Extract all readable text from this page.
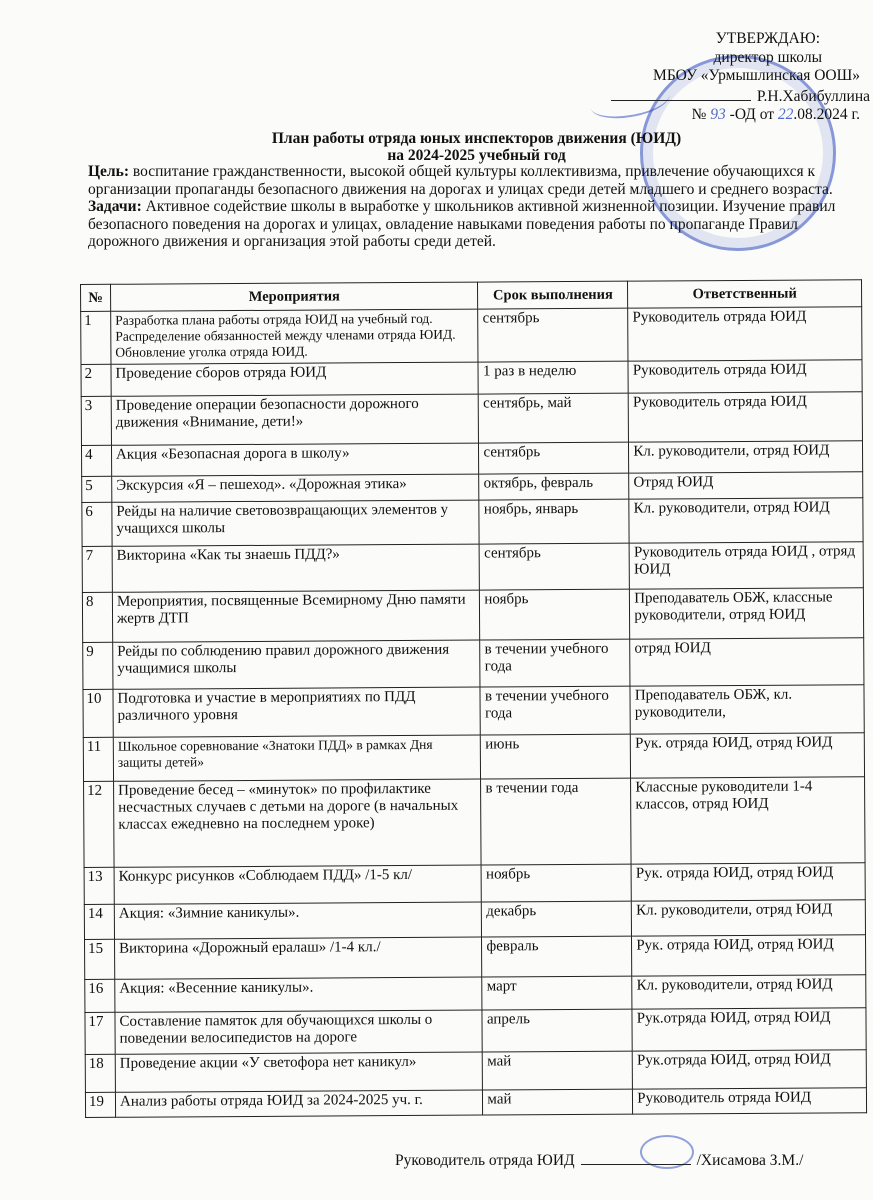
УТВЕРЖДАЮ:
директор школы
МБОУ «Урмышлинская ООШ»
Р.Н.Хабибуллина
№ 93 -ОД от 22.08.2024 г.
План работы отряда юных инспекторов движения (ЮИД)
на 2024-2025 учебный год
Цель: воспитание гражданственности, высокой общей культуры коллективизма, привлечение обучающихся к организации пропаганды безопасного движения на дорогах и улицах среди детей младшего и среднего возраста.
Задачи: Активное содействие школы в выработке у школьников активной жизненной позиции. Изучение правил безопасного поведения на дорогах и улицах, овладение навыками поведения работы по пропаганде Правил дорожного движения и организация этой работы среди детей.
№	Мероприятия	Срок выполнения	Ответственный
1	Разработка плана работы отряда ЮИД на учебный год. Распределение обязанностей между членами отряда ЮИД. Обновление уголка отряда ЮИД.	сентябрь	Руководитель отряда ЮИД
2	Проведение сборов отряда ЮИД	1 раз в неделю	Руководитель отряда ЮИД
3	Проведение операции безопасности дорожного движения «Внимание, дети!»	сентябрь, май	Руководитель отряда ЮИД
4	Акция «Безопасная дорога в школу»	сентябрь	Кл. руководители, отряд ЮИД
5	Экскурсия «Я – пешеход». «Дорожная этика»	октябрь, февраль	Отряд ЮИД
6	Рейды на наличие световозвращающих элементов у учащихся школы	ноябрь, январь	Кл. руководители, отряд ЮИД
7	Викторина «Как ты знаешь ПДД?»	сентябрь	Руководитель отряда ЮИД , отряд ЮИД
8	Мероприятия, посвященные Всемирному Дню памяти жертв ДТП	ноябрь	Преподаватель ОБЖ, классные руководители, отряд ЮИД
9	Рейды по соблюдению правил дорожного движения учащимися школы	в течении учебного года	отряд ЮИД
10	Подготовка и участие в мероприятиях по ПДД различного уровня	в течении учебного года	Преподаватель ОБЖ, кл. руководители,
11	Школьное соревнование «Знатоки ПДД» в рамках Дня защиты детей»	июнь	Рук. отряда ЮИД, отряд ЮИД
12	Проведение бесед – «минуток» по профилактике несчастных случаев с детьми на дороге (в начальных классах ежедневно на последнем уроке)	в течении года	Классные руководители 1-4 классов, отряд ЮИД
13	Конкурс рисунков «Соблюдаем ПДД» /1-5 кл/	ноябрь	Рук. отряда ЮИД, отряд ЮИД
14	Акция: «Зимние каникулы».	декабрь	Кл. руководители, отряд ЮИД
15	Викторина «Дорожный ералаш» /1-4 кл./	февраль	Рук. отряда ЮИД, отряд ЮИД
16	Акция: «Весенние каникулы».	март	Кл. руководители, отряд ЮИД
17	Составление памяток для обучающихся школы о поведении велосипедистов на дороге	апрель	Рук.отряда ЮИД, отряд ЮИД
18	Проведение акции «У светофора нет каникул»	май	Рук.отряда ЮИД, отряд ЮИД
19	Анализ работы отряда ЮИД за 2024-2025 уч. г.	май	Руководитель отряда ЮИД
Руководитель отряда ЮИД	/Хисамова З.М./
